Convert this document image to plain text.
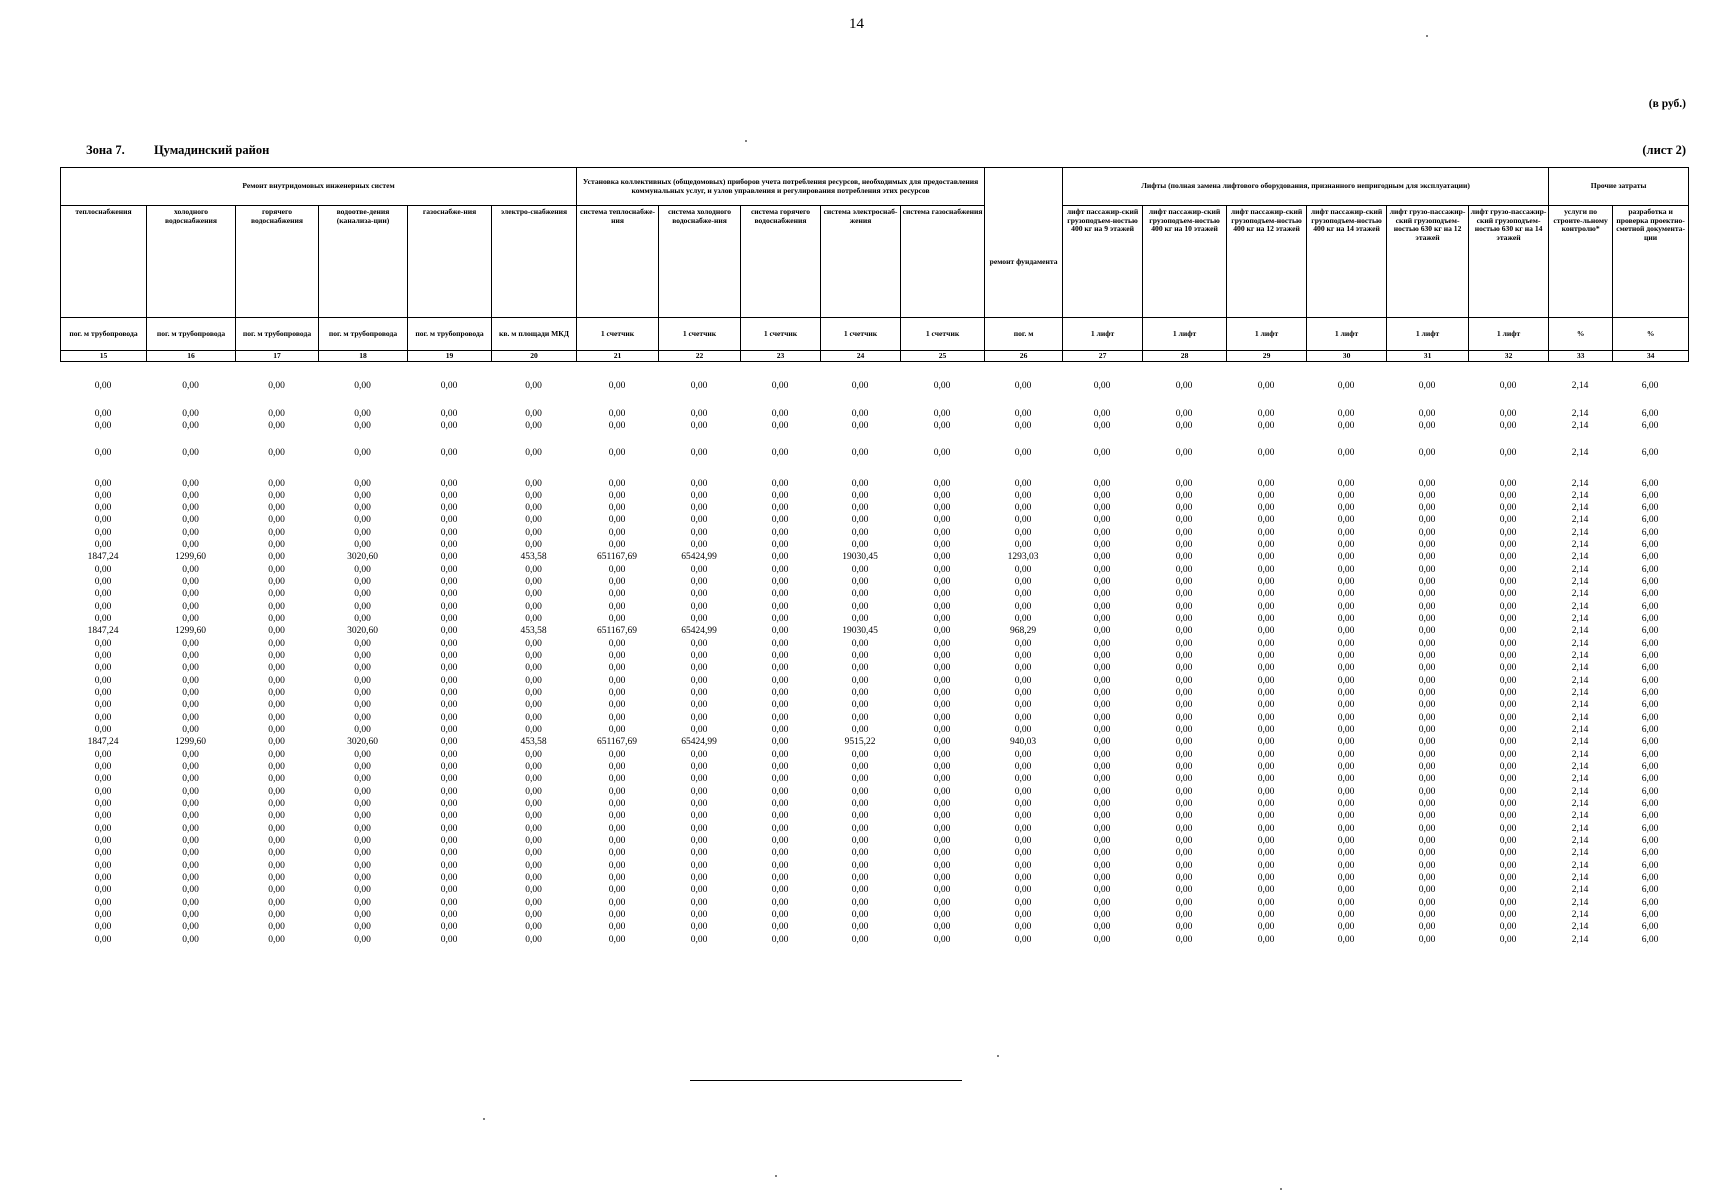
14
(в руб.)
Зона 7. Цумадинский район	(лист 2)
Ремонт внутридомовых инженерных систем						Установка коллективных (общедомовых) приборов учета потребления ресурсов, необходимых для предоставления коммунальных услуг, и узлов управления и регулирования потребления этих ресурсов						Лифты (полная замена лифтового оборудования, признанного непригодным для эксплуатации)						Прочие затраты	
теплоснабжения	холодного водоснабжения	горячего водоснабжения	водоотве-дения (канализа-ции)	газоснабже-ния	электро-снабжения	система теплоснабже-ния	система холодного водоснабже-ния	система горячего водоснабжения	система электроснаб-жения	система газоснабжения	ремонт фундамента	лифт пассажир-ский грузоподъем-ностью 400 кг на 9 этажей	лифт пассажир-ский грузоподъем-ностью 400 кг на 10 этажей	лифт пассажир-ский грузоподъем-ностью 400 кг на 12 этажей	лифт пассажир-ский грузоподъем-ностью 400 кг на 14 этажей	лифт грузо-пассажир-ский грузоподъем-ностью 630 кг на 12 этажей	лифт грузо-пассажир-ский грузоподъем-ностью 630 кг на 14 этажей	услуги по строите-льному контролю*	разработка и проверка проектно-сметной документа-ции
пог. м трубопровода	пог. м трубопровода	пог. м трубопровода	пог. м трубопровода	пог. м трубопровода	кв. м площади МКД	1 счетчик	1 счетчик	1 счетчик	1 счетчик	1 счетчик	пог. м	1 лифт	1 лифт	1 лифт	1 лифт	1 лифт	1 лифт	%	%
15	16	17	18	19	20	21	22	23	24	25	26	27	28	29	30	31	32	33	34
0,00	0,00	0,00	0,00	0,00	0,00	0,00	0,00	0,00	0,00	0,00	0,00	0,00	0,00	0,00	0,00	0,00	0,00	2,14	6,00
0,00	0,00	0,00	0,00	0,00	0,00	0,00	0,00	0,00	0,00	0,00	0,00	0,00	0,00	0,00	0,00	0,00	0,00	2,14	6,00
0,00	0,00	0,00	0,00	0,00	0,00	0,00	0,00	0,00	0,00	0,00	0,00	0,00	0,00	0,00	0,00	0,00	0,00	2,14	6,00
0,00	0,00	0,00	0,00	0,00	0,00	0,00	0,00	0,00	0,00	0,00	0,00	0,00	0,00	0,00	0,00	0,00	0,00	2,14	6,00
0,00	0,00	0,00	0,00	0,00	0,00	0,00	0,00	0,00	0,00	0,00	0,00	0,00	0,00	0,00	0,00	0,00	0,00	2,14	6,00
0,00	0,00	0,00	0,00	0,00	0,00	0,00	0,00	0,00	0,00	0,00	0,00	0,00	0,00	0,00	0,00	0,00	0,00	2,14	6,00
0,00	0,00	0,00	0,00	0,00	0,00	0,00	0,00	0,00	0,00	0,00	0,00	0,00	0,00	0,00	0,00	0,00	0,00	2,14	6,00
0,00	0,00	0,00	0,00	0,00	0,00	0,00	0,00	0,00	0,00	0,00	0,00	0,00	0,00	0,00	0,00	0,00	0,00	2,14	6,00
0,00	0,00	0,00	0,00	0,00	0,00	0,00	0,00	0,00	0,00	0,00	0,00	0,00	0,00	0,00	0,00	0,00	0,00	2,14	6,00
0,00	0,00	0,00	0,00	0,00	0,00	0,00	0,00	0,00	0,00	0,00	0,00	0,00	0,00	0,00	0,00	0,00	0,00	2,14	6,00
1847,24	1299,60	0,00	3020,60	0,00	453,58	651167,69	65424,99	0,00	19030,45	0,00	1293,03	0,00	0,00	0,00	0,00	0,00	0,00	2,14	6,00
0,00	0,00	0,00	0,00	0,00	0,00	0,00	0,00	0,00	0,00	0,00	0,00	0,00	0,00	0,00	0,00	0,00	0,00	2,14	6,00
0,00	0,00	0,00	0,00	0,00	0,00	0,00	0,00	0,00	0,00	0,00	0,00	0,00	0,00	0,00	0,00	0,00	0,00	2,14	6,00
0,00	0,00	0,00	0,00	0,00	0,00	0,00	0,00	0,00	0,00	0,00	0,00	0,00	0,00	0,00	0,00	0,00	0,00	2,14	6,00
0,00	0,00	0,00	0,00	0,00	0,00	0,00	0,00	0,00	0,00	0,00	0,00	0,00	0,00	0,00	0,00	0,00	0,00	2,14	6,00
0,00	0,00	0,00	0,00	0,00	0,00	0,00	0,00	0,00	0,00	0,00	0,00	0,00	0,00	0,00	0,00	0,00	0,00	2,14	6,00
1847,24	1299,60	0,00	3020,60	0,00	453,58	651167,69	65424,99	0,00	19030,45	0,00	968,29	0,00	0,00	0,00	0,00	0,00	0,00	2,14	6,00
0,00	0,00	0,00	0,00	0,00	0,00	0,00	0,00	0,00	0,00	0,00	0,00	0,00	0,00	0,00	0,00	0,00	0,00	2,14	6,00
0,00	0,00	0,00	0,00	0,00	0,00	0,00	0,00	0,00	0,00	0,00	0,00	0,00	0,00	0,00	0,00	0,00	0,00	2,14	6,00
0,00	0,00	0,00	0,00	0,00	0,00	0,00	0,00	0,00	0,00	0,00	0,00	0,00	0,00	0,00	0,00	0,00	0,00	2,14	6,00
0,00	0,00	0,00	0,00	0,00	0,00	0,00	0,00	0,00	0,00	0,00	0,00	0,00	0,00	0,00	0,00	0,00	0,00	2,14	6,00
0,00	0,00	0,00	0,00	0,00	0,00	0,00	0,00	0,00	0,00	0,00	0,00	0,00	0,00	0,00	0,00	0,00	0,00	2,14	6,00
0,00	0,00	0,00	0,00	0,00	0,00	0,00	0,00	0,00	0,00	0,00	0,00	0,00	0,00	0,00	0,00	0,00	0,00	2,14	6,00
0,00	0,00	0,00	0,00	0,00	0,00	0,00	0,00	0,00	0,00	0,00	0,00	0,00	0,00	0,00	0,00	0,00	0,00	2,14	6,00
0,00	0,00	0,00	0,00	0,00	0,00	0,00	0,00	0,00	0,00	0,00	0,00	0,00	0,00	0,00	0,00	0,00	0,00	2,14	6,00
1847,24	1299,60	0,00	3020,60	0,00	453,58	651167,69	65424,99	0,00	9515,22	0,00	940,03	0,00	0,00	0,00	0,00	0,00	0,00	2,14	6,00
0,00	0,00	0,00	0,00	0,00	0,00	0,00	0,00	0,00	0,00	0,00	0,00	0,00	0,00	0,00	0,00	0,00	0,00	2,14	6,00
0,00	0,00	0,00	0,00	0,00	0,00	0,00	0,00	0,00	0,00	0,00	0,00	0,00	0,00	0,00	0,00	0,00	0,00	2,14	6,00
0,00	0,00	0,00	0,00	0,00	0,00	0,00	0,00	0,00	0,00	0,00	0,00	0,00	0,00	0,00	0,00	0,00	0,00	2,14	6,00
0,00	0,00	0,00	0,00	0,00	0,00	0,00	0,00	0,00	0,00	0,00	0,00	0,00	0,00	0,00	0,00	0,00	0,00	2,14	6,00
0,00	0,00	0,00	0,00	0,00	0,00	0,00	0,00	0,00	0,00	0,00	0,00	0,00	0,00	0,00	0,00	0,00	0,00	2,14	6,00
0,00	0,00	0,00	0,00	0,00	0,00	0,00	0,00	0,00	0,00	0,00	0,00	0,00	0,00	0,00	0,00	0,00	0,00	2,14	6,00
0,00	0,00	0,00	0,00	0,00	0,00	0,00	0,00	0,00	0,00	0,00	0,00	0,00	0,00	0,00	0,00	0,00	0,00	2,14	6,00
0,00	0,00	0,00	0,00	0,00	0,00	0,00	0,00	0,00	0,00	0,00	0,00	0,00	0,00	0,00	0,00	0,00	0,00	2,14	6,00
0,00	0,00	0,00	0,00	0,00	0,00	0,00	0,00	0,00	0,00	0,00	0,00	0,00	0,00	0,00	0,00	0,00	0,00	2,14	6,00
0,00	0,00	0,00	0,00	0,00	0,00	0,00	0,00	0,00	0,00	0,00	0,00	0,00	0,00	0,00	0,00	0,00	0,00	2,14	6,00
0,00	0,00	0,00	0,00	0,00	0,00	0,00	0,00	0,00	0,00	0,00	0,00	0,00	0,00	0,00	0,00	0,00	0,00	2,14	6,00
0,00	0,00	0,00	0,00	0,00	0,00	0,00	0,00	0,00	0,00	0,00	0,00	0,00	0,00	0,00	0,00	0,00	0,00	2,14	6,00
0,00	0,00	0,00	0,00	0,00	0,00	0,00	0,00	0,00	0,00	0,00	0,00	0,00	0,00	0,00	0,00	0,00	0,00	2,14	6,00
0,00	0,00	0,00	0,00	0,00	0,00	0,00	0,00	0,00	0,00	0,00	0,00	0,00	0,00	0,00	0,00	0,00	0,00	2,14	6,00
0,00	0,00	0,00	0,00	0,00	0,00	0,00	0,00	0,00	0,00	0,00	0,00	0,00	0,00	0,00	0,00	0,00	0,00	2,14	6,00
0,00	0,00	0,00	0,00	0,00	0,00	0,00	0,00	0,00	0,00	0,00	0,00	0,00	0,00	0,00	0,00	0,00	0,00	2,14	6,00
